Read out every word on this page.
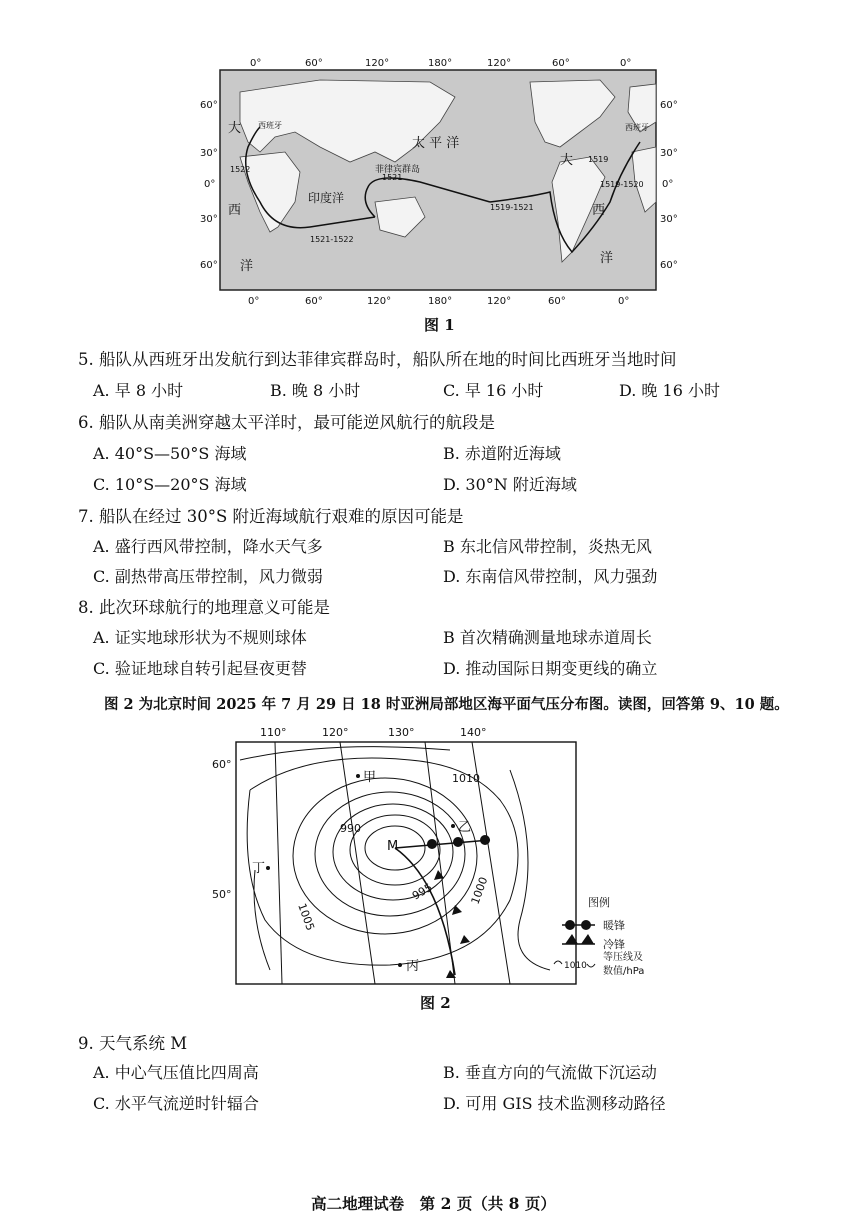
0°	60°	120°	180°	120°	60°	0°
0°	60°	120°	180°	120°	60°	0°
60°
30°
0°
30°
60°
60°
30°
0°
30°
60°
西班牙	西班牙
大
西
洋
太 平 洋
菲律宾群岛
印度洋
大
西
洋
1519
1519-1521
1521
1521-1522
1522
1519-1520
图 1
5. 船队从西班牙出发航行到达菲律宾群岛时，船队所在地的时间比西班牙当地时间
A. 早 8 小时	B. 晚 8 小时	C. 早 16 小时	D. 晚 16 小时
6. 船队从南美洲穿越太平洋时，最可能逆风航行的航段是
A. 40°S—50°S 海域	B. 赤道附近海域
C. 10°S—20°S 海域	D. 30°N 附近海域
7. 船队在经过 30°S 附近海域航行艰难的原因可能是
A. 盛行西风带控制，降水天气多	B 东北信风带控制，炎热无风
C. 副热带高压带控制，风力微弱	D. 东南信风带控制，风力强劲
8. 此次环球航行的地理意义可能是
A. 证实地球形状为不规则球体	B 首次精确测量地球赤道周长
C. 验证地球自转引起昼夜更替	D. 推动国际日期变更线的确立
图 2 为北京时间 2025 年 7 月 29 日 18 时亚洲局部地区海平面气压分布图。读图，回答第 9、10 题。
110°	120°	130°	140°
60°
50°
990
995	1000
1005
1010
甲
乙
丙
丁
M
图例
暖锋
冷锋
1010
等压线及
数值/hPa
图 2
9. 天气系统 M
A. 中心气压值比四周高	B. 垂直方向的气流做下沉运动
C. 水平气流逆时针辐合	D. 可用 GIS 技术监测移动路径
高二地理试卷　第 2 页（共 8 页）
